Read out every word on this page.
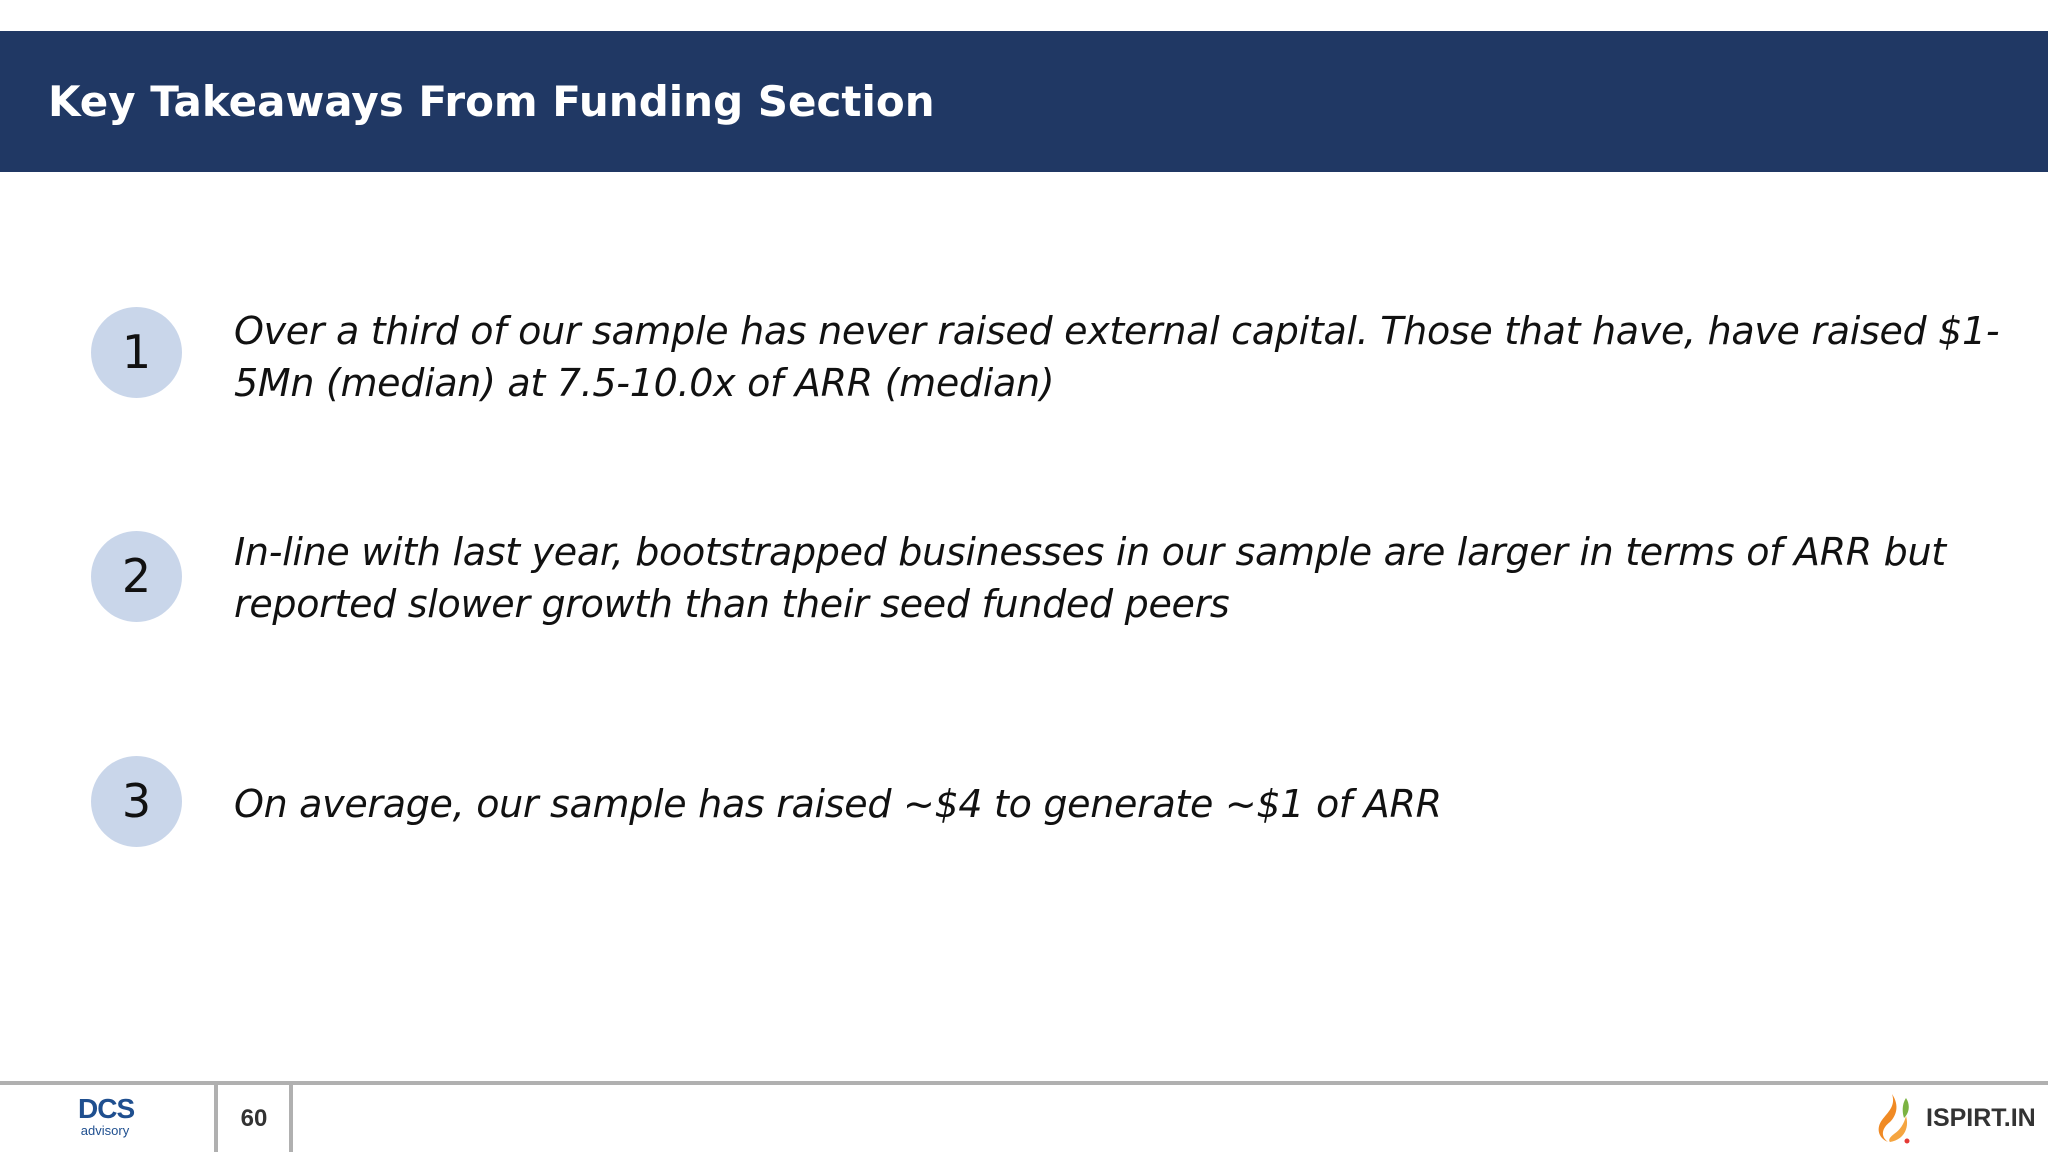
Key Takeaways From Funding Section
1	Over a third of our sample has never raised external capital. Those that have, have raised $1-5Mn (median) at 7.5-10.0x of ARR (median)
2	In-line with last year, bootstrapped businesses in our sample are larger in terms of ARR but reported slower growth than their seed funded peers
3	On average, our sample has raised ~$4 to generate ~$1 of ARR
DCS
advisory	60	ISPIRT.IN
